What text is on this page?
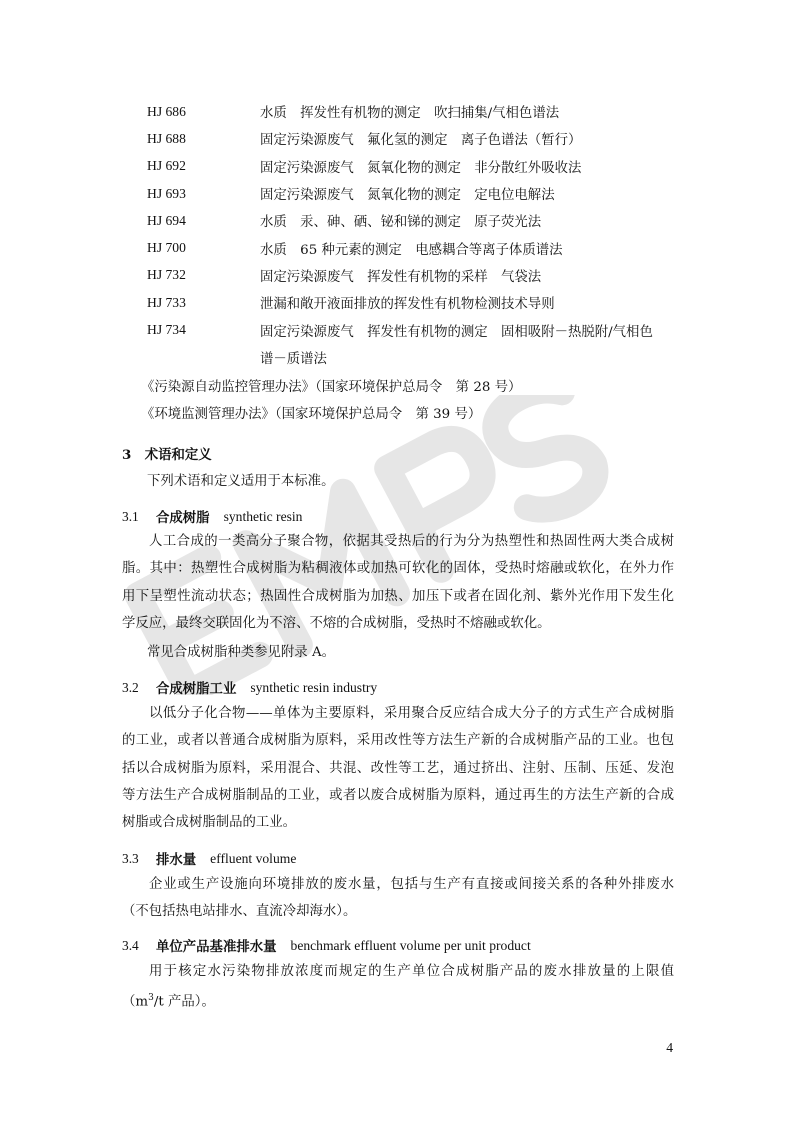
EMPS
HJ 686	水质　挥发性有机物的测定　吹扫捕集/气相色谱法
HJ 688	固定污染源废气　氟化氢的测定　离子色谱法（暂行）
HJ 692	固定污染源废气　氮氧化物的测定　非分散红外吸收法
HJ 693	固定污染源废气　氮氧化物的测定　定电位电解法
HJ 694	水质　汞、砷、硒、铋和锑的测定　原子荧光法
HJ 700	水质　65 种元素的测定　电感耦合等离子体质谱法
HJ 732	固定污染源废气　挥发性有机物的采样　气袋法
HJ 733	泄漏和敞开液面排放的挥发性有机物检测技术导则
HJ 734	固定污染源废气　挥发性有机物的测定　固相吸附－热脱附/气相色
谱－质谱法
《污染源自动监控管理办法》（国家环境保护总局令　第 28 号）
《环境监测管理办法》（国家环境保护总局令　第 39 号）
3　术语和定义
下列术语和定义适用于本标准。
3.1	合成树脂 synthetic resin
人工合成的一类高分子聚合物，依据其受热后的行为分为热塑性和热固性两大类合成树
脂。其中：热塑性合成树脂为粘稠液体或加热可软化的固体，受热时熔融或软化，在外力作
用下呈塑性流动状态；热固性合成树脂为加热、加压下或者在固化剂、紫外光作用下发生化
学反应，最终交联固化为不溶、不熔的合成树脂，受热时不熔融或软化。
常见合成树脂种类参见附录 A。
3.2	合成树脂工业 synthetic resin industry
以低分子化合物——单体为主要原料，采用聚合反应结合成大分子的方式生产合成树脂
的工业，或者以普通合成树脂为原料，采用改性等方法生产新的合成树脂产品的工业。也包
括以合成树脂为原料，采用混合、共混、改性等工艺，通过挤出、注射、压制、压延、发泡
等方法生产合成树脂制品的工业，或者以废合成树脂为原料，通过再生的方法生产新的合成
树脂或合成树脂制品的工业。
3.3	排水量 effluent volume
企业或生产设施向环境排放的废水量，包括与生产有直接或间接关系的各种外排废水
（不包括热电站排水、直流冷却海水）。
3.4	单位产品基准排水量 benchmark effluent volume per unit product
用于核定水污染物排放浓度而规定的生产单位合成树脂产品的废水排放量的上限值
（$m^3/t$ 产品）。
4
